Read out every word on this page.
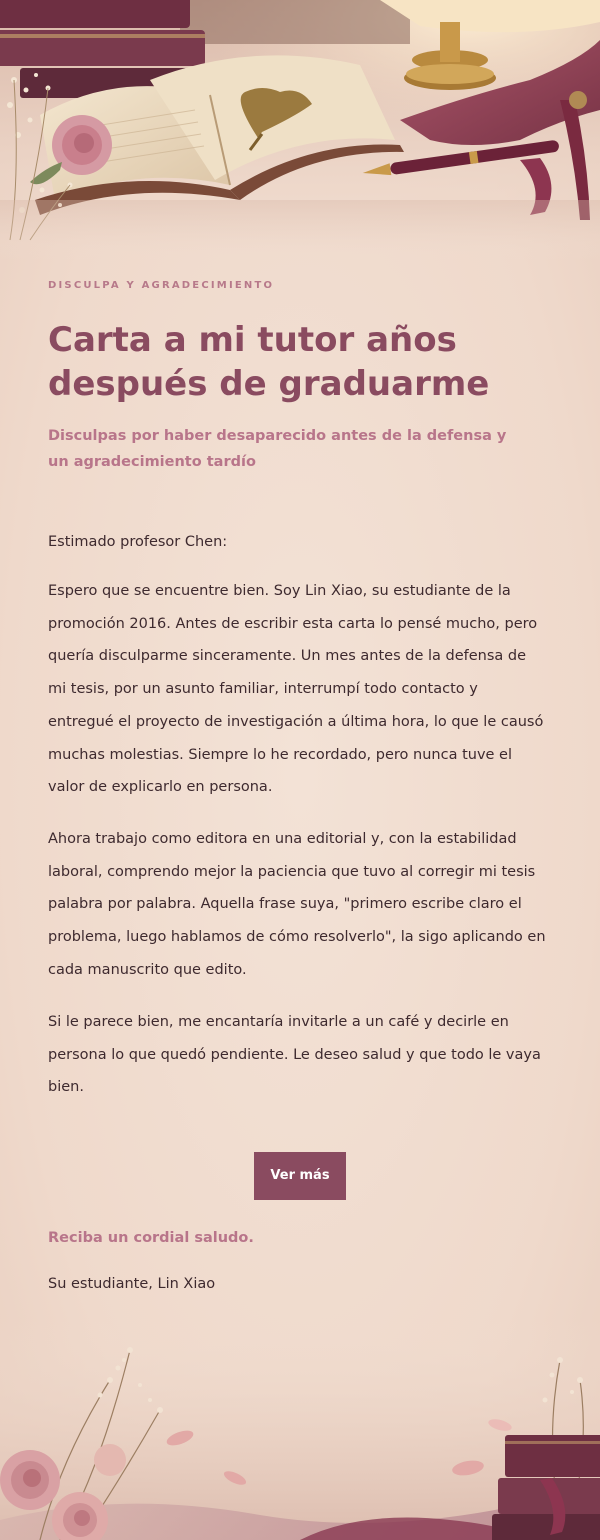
DISCULPA Y AGRADECIMIENTO
Carta a mi tutor años después de graduarme

Disculpas por haber desaparecido antes de la defensa y un agradecimiento tardío

Estimado profesor Chen:

Espero que se encuentre bien. Soy Lin Xiao, su estudiante de la promoción 2016. Antes de escribir esta carta lo pensé mucho, pero quería disculparme sinceramente. Un mes antes de la defensa de mi tesis, por un asunto familiar, interrumpí todo contacto y entregué el proyecto de investigación a última hora, lo que le causó muchas molestias. Siempre lo he recordado, pero nunca tuve el valor de explicarlo en persona.

Ahora trabajo como editora en una editorial y, con la estabilidad laboral, comprendo mejor la paciencia que tuvo al corregir mi tesis palabra por palabra. Aquella frase suya, "primero escribe claro el problema, luego hablamos de cómo resolverlo", la sigo aplicando en cada manuscrito que edito.

Si le parece bien, me encantaría invitarle a un café y decirle en persona lo que quedó pendiente. Le deseo salud y que todo le vaya bien.

Ver más

Reciba un cordial saludo.

Su estudiante, Lin Xiao
